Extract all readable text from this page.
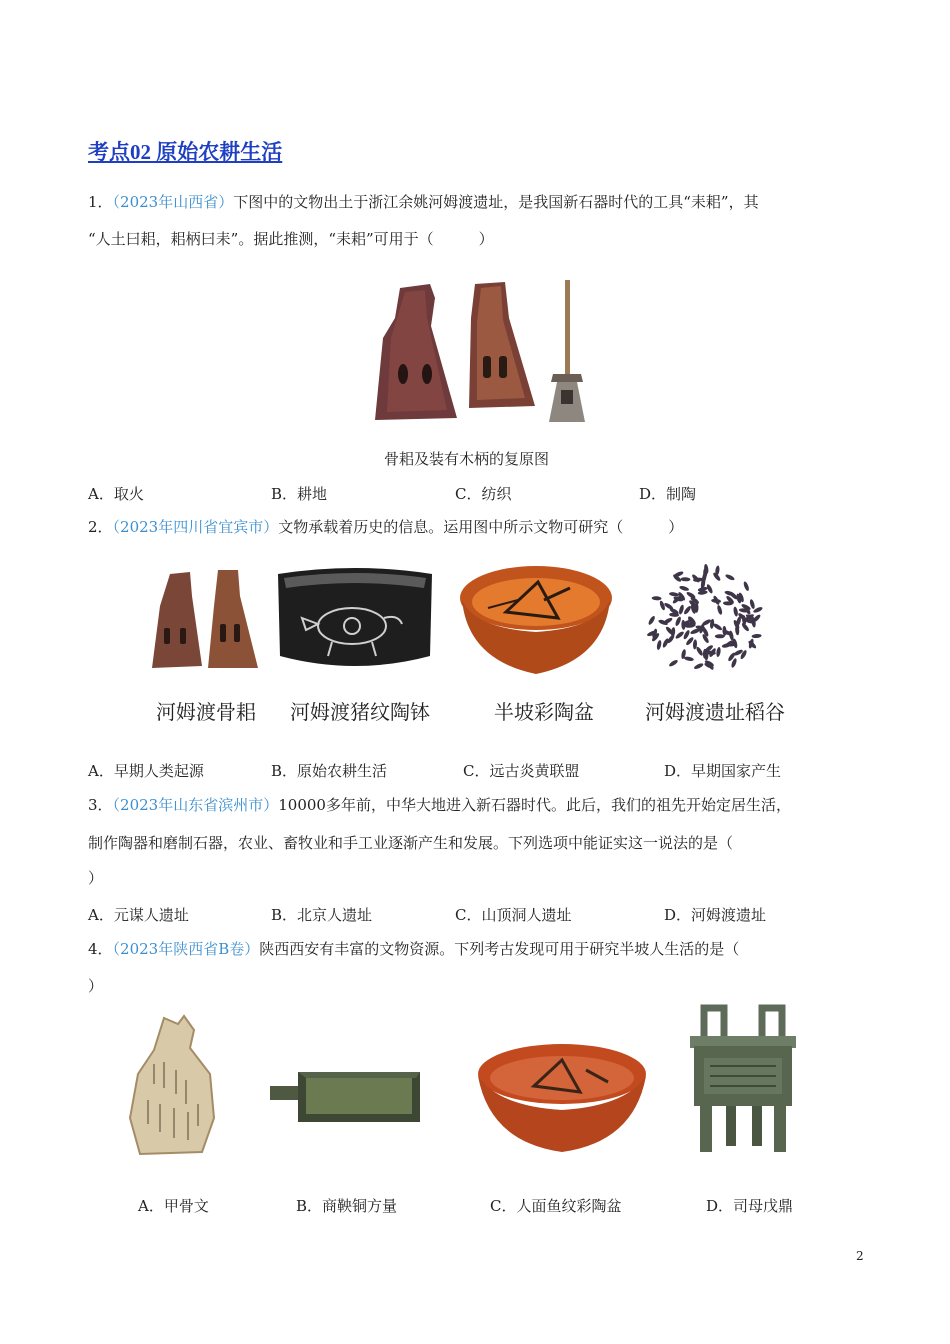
考点02 原始农耕生活
1．（2023年山西省）下图中的文物出土于浙江余姚河姆渡遗址，是我国新石器时代的工具“耒耜”，其
“人土曰耜，耜柄曰耒”。据此推测，“耒耜”可用于（　　　）
骨耜及装有木柄的复原图
A．取火	B．耕地	C．纺织	D．制陶
2．（2023年四川省宜宾市）文物承载着历史的信息。运用图中所示文物可研究（　　　）
河姆渡骨耜 河姆渡猪纹陶钵	半坡彩陶盆	河姆渡遗址稻谷
A．早期人类起源	B．原始农耕生活	C．远古炎黄联盟	D．早期国家产生
3．（2023年山东省滨州市）10000多年前，中华大地进入新石器时代。此后，我们的祖先开始定居生活，
制作陶器和磨制石器，农业、畜牧业和手工业逐渐产生和发展。下列选项中能证实这一说法的是（
）
A．元谋人遗址	B．北京人遗址	C．山顶洞人遗址	D．河姆渡遗址
4．（2023年陕西省B卷）陕西西安有丰富的文物资源。下列考古发现可用于研究半坡人生活的是（
）
A．甲骨文	B．商鞅铜方量	C．人面鱼纹彩陶盆	D．司母戊鼎
2
